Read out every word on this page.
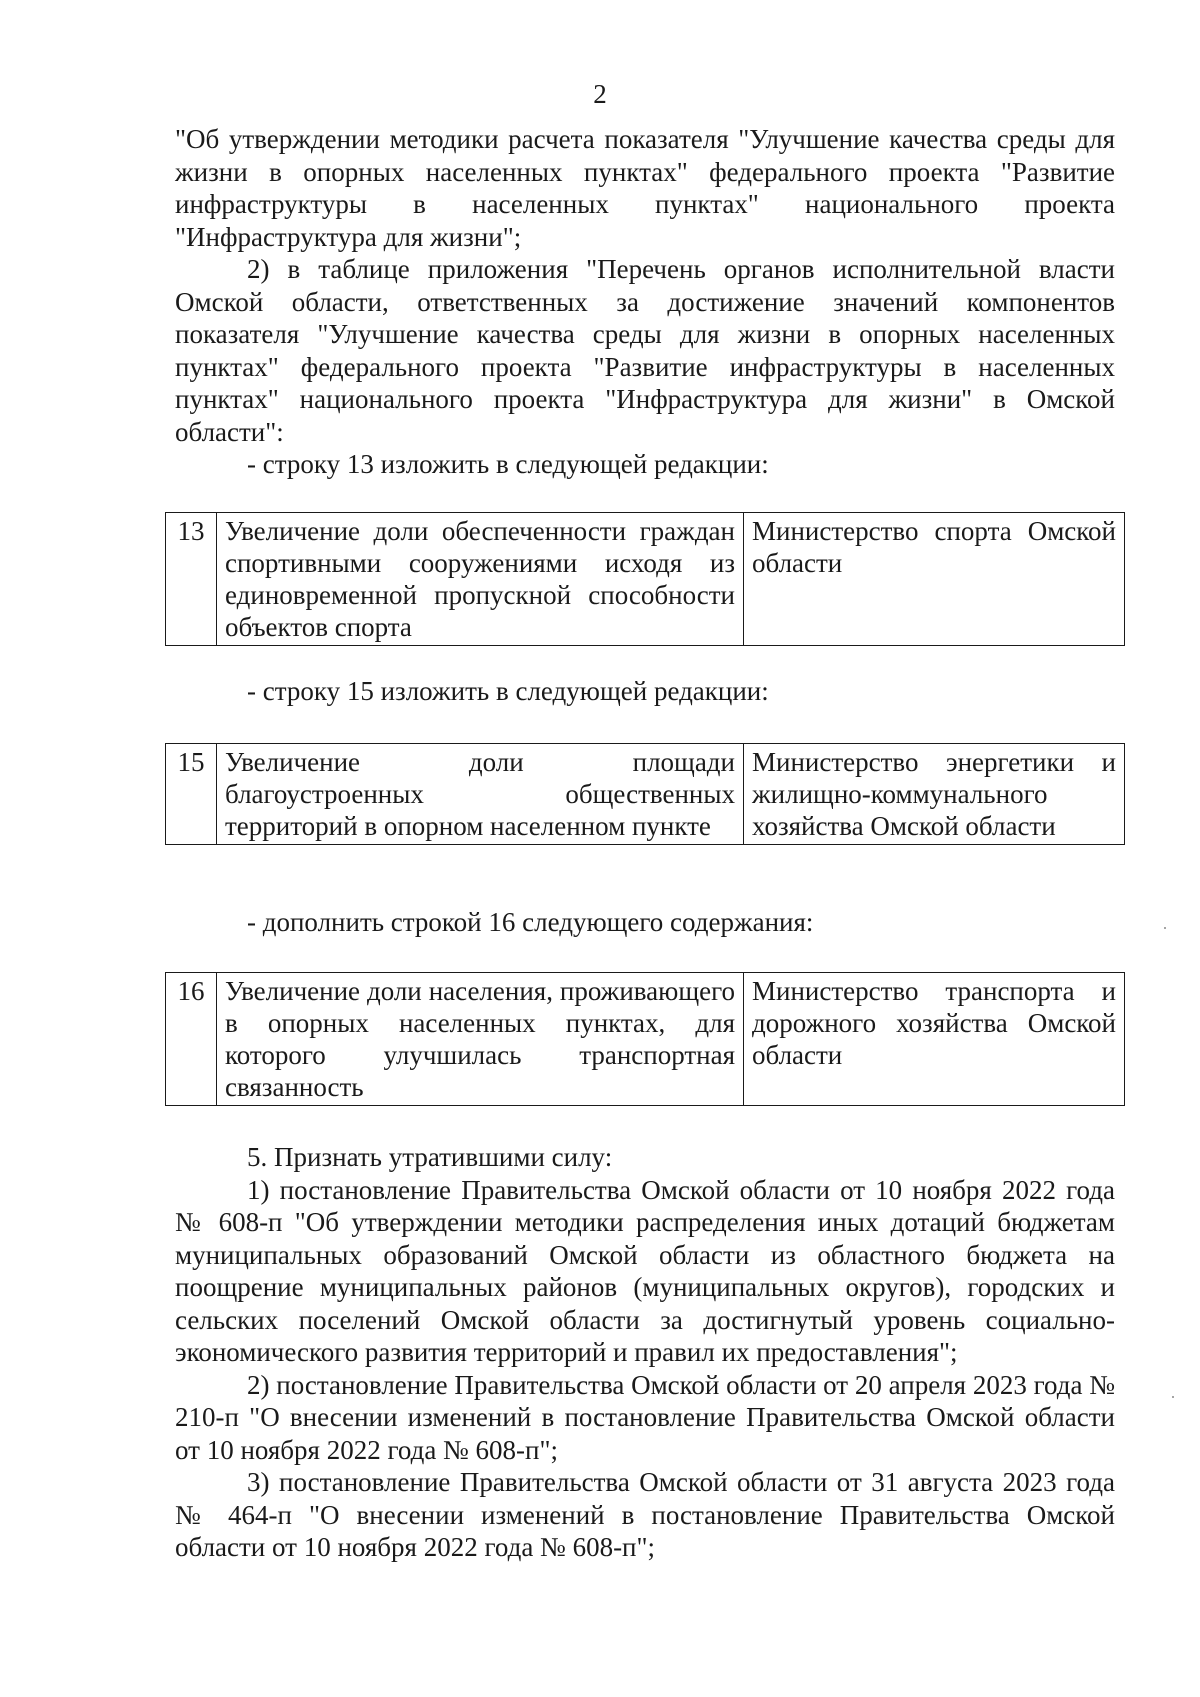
2

"Об утверждении методики расчета показателя "Улучшение качества среды для жизни в опорных населенных пунктах" федерального проекта "Развитие инфраструктуры в населенных пунктах" национального проекта "Инфраструктура для жизни";

2) в таблице приложения "Перечень органов исполнительной власти Омской области, ответственных за достижение значений компонентов показателя "Улучшение качества среды для жизни в опорных населенных пунктах" федерального проекта "Развитие инфраструктуры в населенных пунктах" национального проекта "Инфраструктура для жизни" в Омской области":

- строку 13 изложить в следующей редакции:

13	Увеличение доли обеспеченности граждан спортивными сооружениями исходя из единовременной пропускной способности объектов спорта	Министерство спорта Омской области

- строку 15 изложить в следующей редакции:

15	Увеличение доли площади благоустроенных общественных территорий в опорном населенном пункте	Министерство энергетики и жилищно-коммунального хозяйства Омской области

- дополнить строкой 16 следующего содержания:

16	Увеличение доли населения, проживающего в опорных населенных пунктах, для которого улучшилась транспортная связанность	Министерство транспорта и дорожного хозяйства Омской области

5. Признать утратившими силу:

1) постановление Правительства Омской области от 10 ноября 2022 года № 608-п "Об утверждении методики распределения иных дотаций бюджетам муниципальных образований Омской области из областного бюджета на поощрение муниципальных районов (муниципальных округов), городских и сельских поселений Омской области за достигнутый уровень социально-экономического развития территорий и правил их предоставления";

2) постановление Правительства Омской области от 20 апреля 2023 года № 210-п "О внесении изменений в постановление Правительства Омской области от 10 ноября 2022 года № 608-п";

3) постановление Правительства Омской области от 31 августа 2023 года № 464-п "О внесении изменений в постановление Правительства Омской области от 10 ноября 2022 года № 608-п";
